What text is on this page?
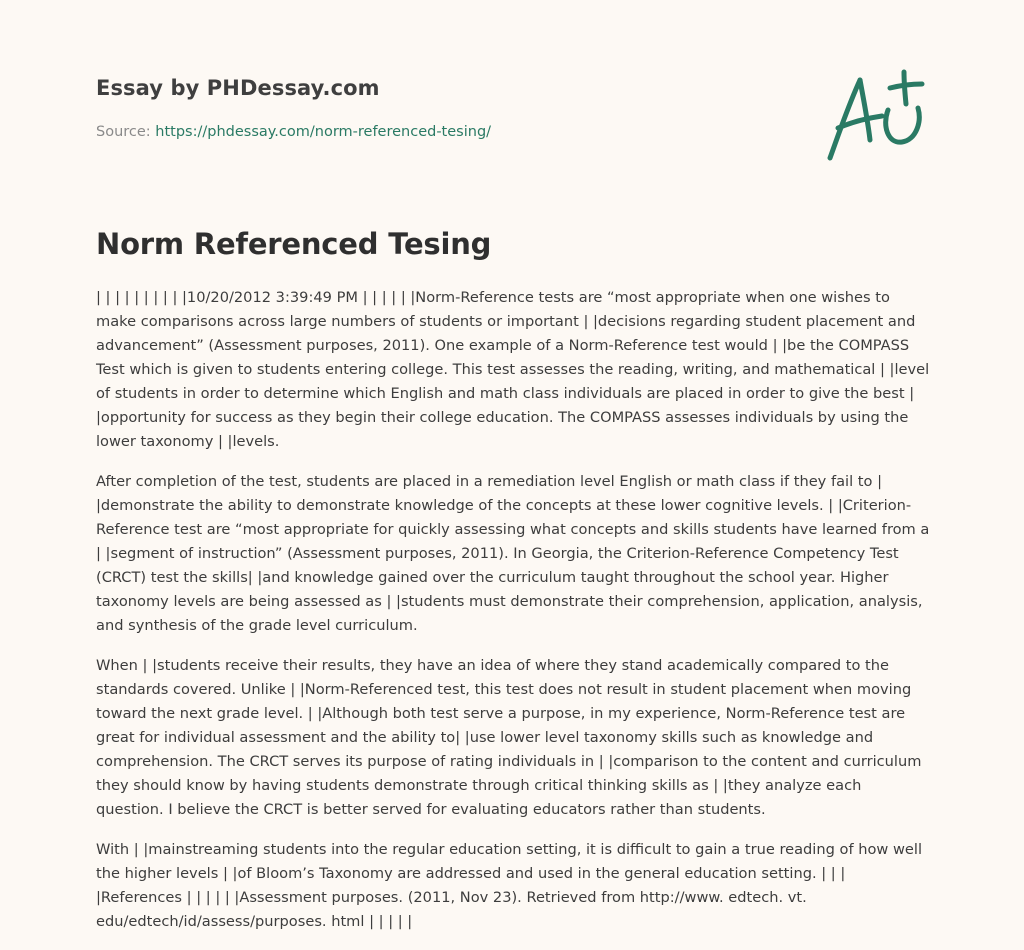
Essay by PHDessay.com
Source: https://phdessay.com/norm-referenced-tesing/
Norm Referenced Tesing

| | | | | | | | | |10/20/2012 3:39:49 PM | | | | | |Norm-Reference tests are “most appropriate when one wishes to make comparisons across large numbers of students or important | |decisions regarding student placement and advancement” (Assessment purposes, 2011). One example of a Norm-Reference test would | |be the COMPASS Test which is given to students entering college. This test assesses the reading, writing, and mathematical | |level of students in order to determine which English and math class individuals are placed in order to give the best | |opportunity for success as they begin their college education. The COMPASS assesses individuals by using the lower taxonomy | |levels.

After completion of the test, students are placed in a remediation level English or math class if they fail to | |demonstrate the ability to demonstrate knowledge of the concepts at these lower cognitive levels. | |Criterion-Reference test are “most appropriate for quickly assessing what concepts and skills students have learned from a | |segment of instruction” (Assessment purposes, 2011). In Georgia, the Criterion-Reference Competency Test (CRCT) test the skills| |and knowledge gained over the curriculum taught throughout the school year. Higher taxonomy levels are being assessed as | |students must demonstrate their comprehension, application, analysis, and synthesis of the grade level curriculum.

When | |students receive their results, they have an idea of where they stand academically compared to the standards covered. Unlike | |Norm-Referenced test, this test does not result in student placement when moving toward the next grade level. | |Although both test serve a purpose, in my experience, Norm-Reference test are great for individual assessment and the ability to| |use lower level taxonomy skills such as knowledge and comprehension. The CRCT serves its purpose of rating individuals in | |comparison to the content and curriculum they should know by having students demonstrate through critical thinking skills as | |they analyze each question. I believe the CRCT is better served for evaluating educators rather than students.

With | |mainstreaming students into the regular education setting, it is difficult to gain a true reading of how well the higher levels | |of Bloom’s Taxonomy are addressed and used in the general education setting. | | | |References | | | | | |Assessment purposes. (2011, Nov 23). Retrieved from http://www. edtech. vt. edu/edtech/id/assess/purposes. html | | | | |
